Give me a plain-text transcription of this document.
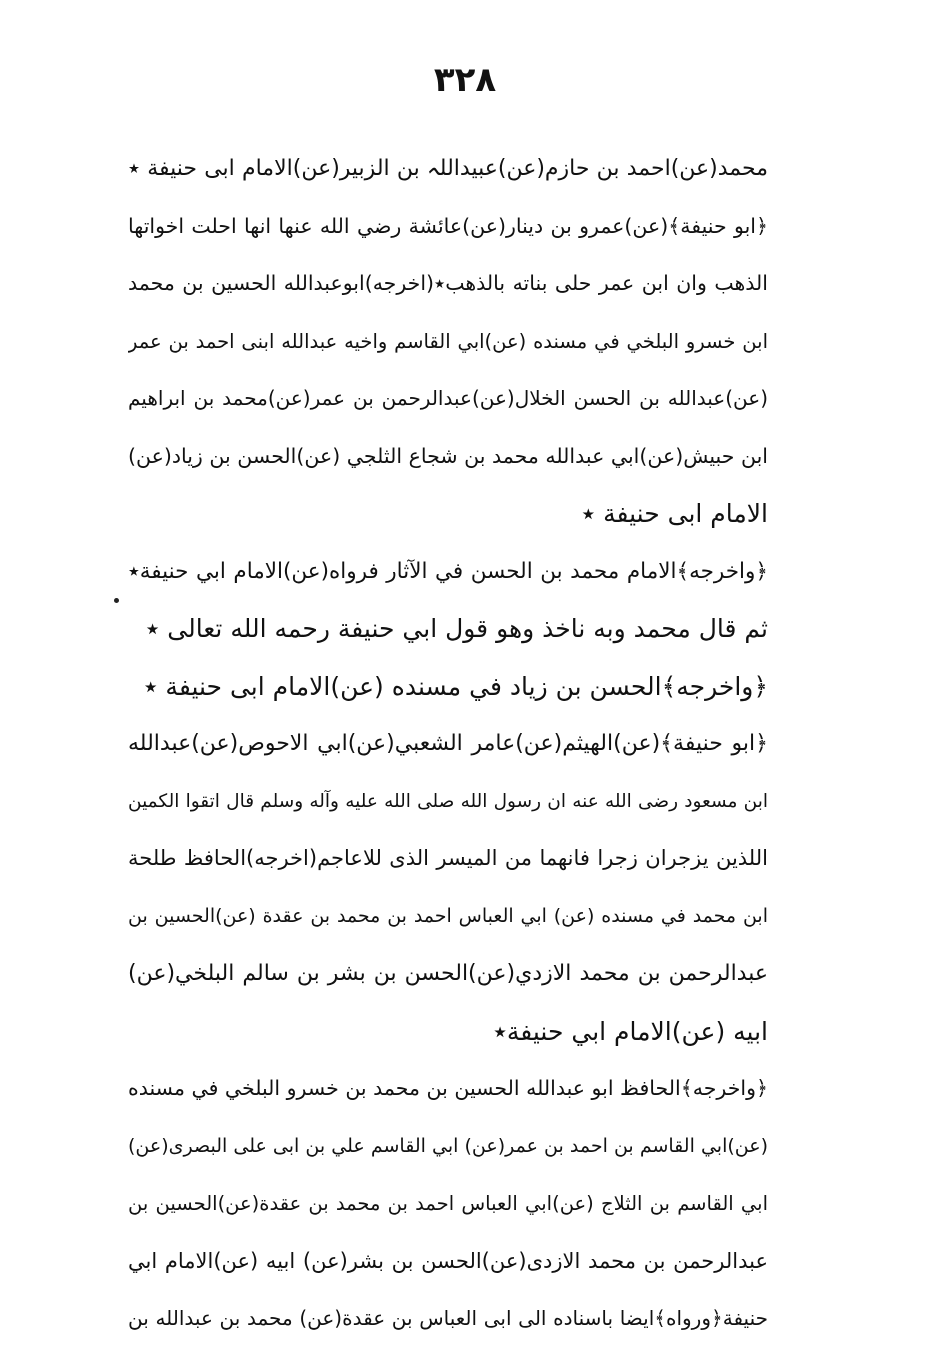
٣٢٨
محمد(عن)احمد بن حازم(عن)عبيداللہ بن الزبير(عن)الامام ابی حنيفة ٭
﴿ابو حنيفة﴾(عن)عمرو بن دينار(عن)عائشة رضي الله عنها انها احلت اخواتها
الذهب وان ابن عمر حلى بناته بالذهب٭(اخرجه)ابوعبدالله الحسين بن محمد
ابن خسرو البلخي في مسنده (عن)ابي القاسم واخيه عبدالله ابنی احمد بن عمر
(عن)عبدالله بن الحسن الخلال(عن)عبدالرحمن بن عمر(عن)محمد بن ابراهيم
ابن حبيش(عن)ابي عبدالله محمد بن شجاع الثلجي (عن)الحسن بن زياد(عن)
الامام ابی حنيفة ٭
﴿واخرجه﴾الامام محمد بن الحسن في الآثار فرواه(عن)الامام ابي حنيفة٭
ثم قال محمد وبه ناخذ وهو قول ابي حنيفة رحمه الله تعالى ٭
﴿واخرجه﴾الحسن بن زياد في مسنده (عن)الامام ابی حنيفة ٭
﴿ابو حنيفة﴾(عن)الهيثم(عن)عامر الشعبي(عن)ابي الاحوص(عن)عبدالله
ابن مسعود رضی الله عنه ان رسول الله صلی الله عليه وآله وسلم قال اتقوا الكمين
اللذين يزجران زجرا فانهما من الميسر الذی للاعاجم(اخرجه)الحافظ طلحة
ابن محمد في مسنده (عن) ابي العباس احمد بن محمد بن عقدة (عن)الحسين بن
عبدالرحمن بن محمد الازدي(عن)الحسن بن بشر بن سالم البلخي(عن)
ابيه (عن)الامام ابي حنيفة٭
﴿واخرجه﴾الحافظ ابو عبدالله الحسين بن محمد بن خسرو البلخي في مسنده
(عن)ابي القاسم بن احمد بن عمر(عن) ابي القاسم علي بن ابی علی البصری(عن)
ابي القاسم بن الثلاج (عن)ابي العباس احمد بن محمد بن عقدة(عن)الحسين بن
عبدالرحمن بن محمد الازدی(عن)الحسن بن بشر(عن) ابيه (عن)الامام ابي
حنيفة﴿ورواه﴾ايضا باسناده الى ابی العباس بن عقدة(عن) محمد بن عبدالله بن
